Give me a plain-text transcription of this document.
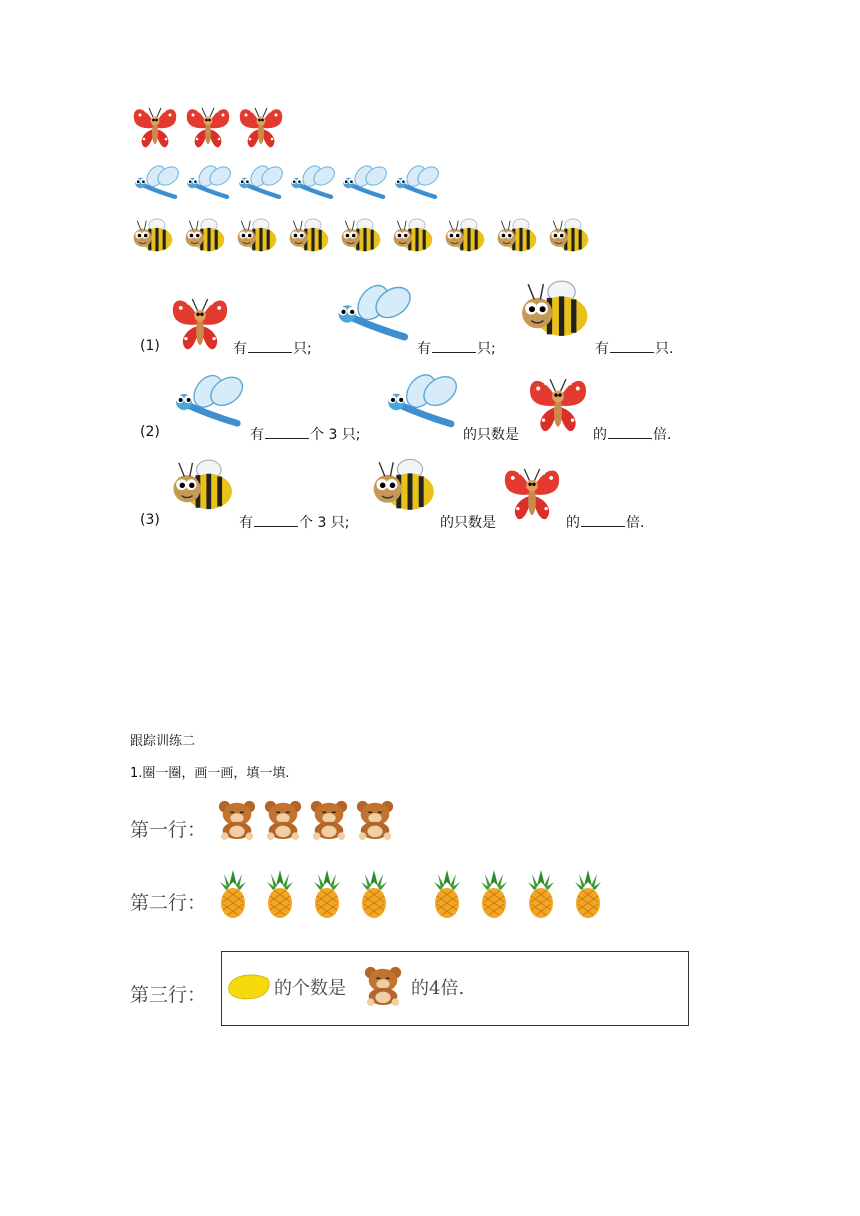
(1)	有	只;	有	只;	有	只.
(2)	有	个 3 只;	的只数是	的	倍.
(3)	有	个 3 只;	的只数是	的	倍.
跟踪训练二
1.圈一圈，画一画，填一填.
第一行：
第二行：
第三行：	的个数是	的4倍.
